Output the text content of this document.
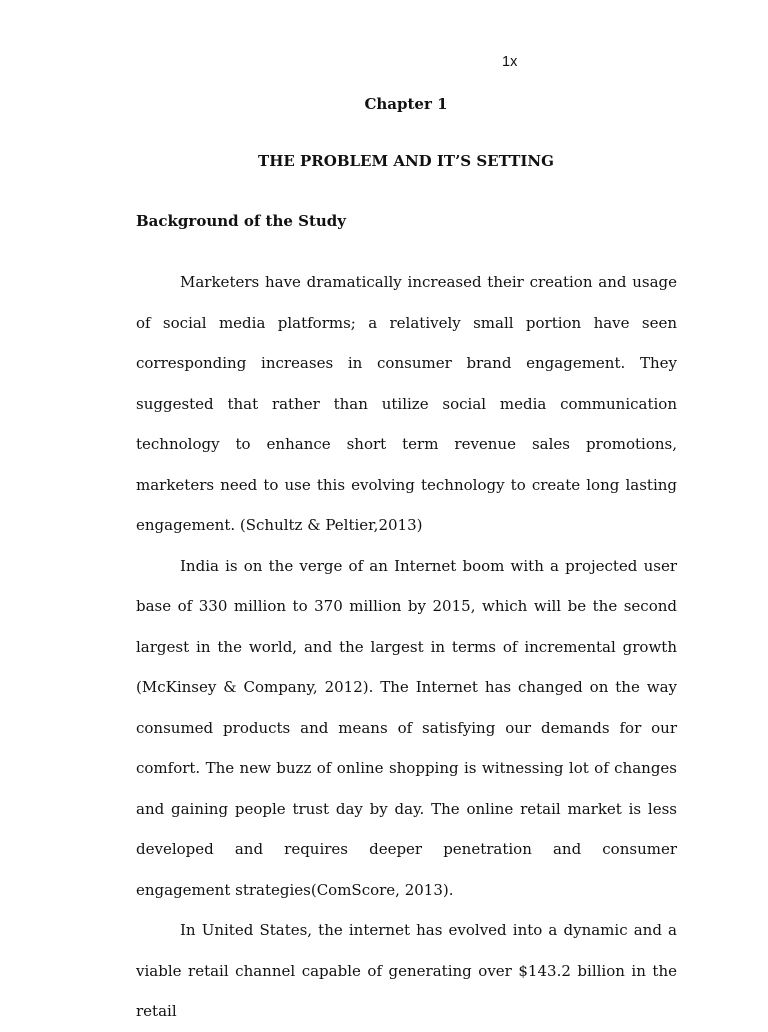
1x
Chapter 1
THE PROBLEM AND IT’S SETTING
Background of the Study

Marketers have dramatically increased their creation and usage of social media platforms; a relatively small portion have seen corresponding increases in consumer brand engagement. They suggested that rather than utilize social media communication technology to enhance short term revenue sales promotions, marketers need to use this evolving technology to create long lasting engagement. (Schultz & Peltier,2013)

India is on the verge of an Internet boom with a projected user base of 330 million to 370 million by 2015, which will be the second largest in the world, and the largest in terms of incremental growth (McKinsey & Company, 2012). The Internet has changed on the way consumed products and means of satisfying our demands for our comfort. The new buzz of online shopping is witnessing lot of changes and gaining people trust day by day. The online retail market is less developed and requires deeper penetration and consumer engagement strategies(ComScore, 2013).

In United States, the internet has evolved into a dynamic and a viable retail channel capable of generating over $143.2 billion in the retail
